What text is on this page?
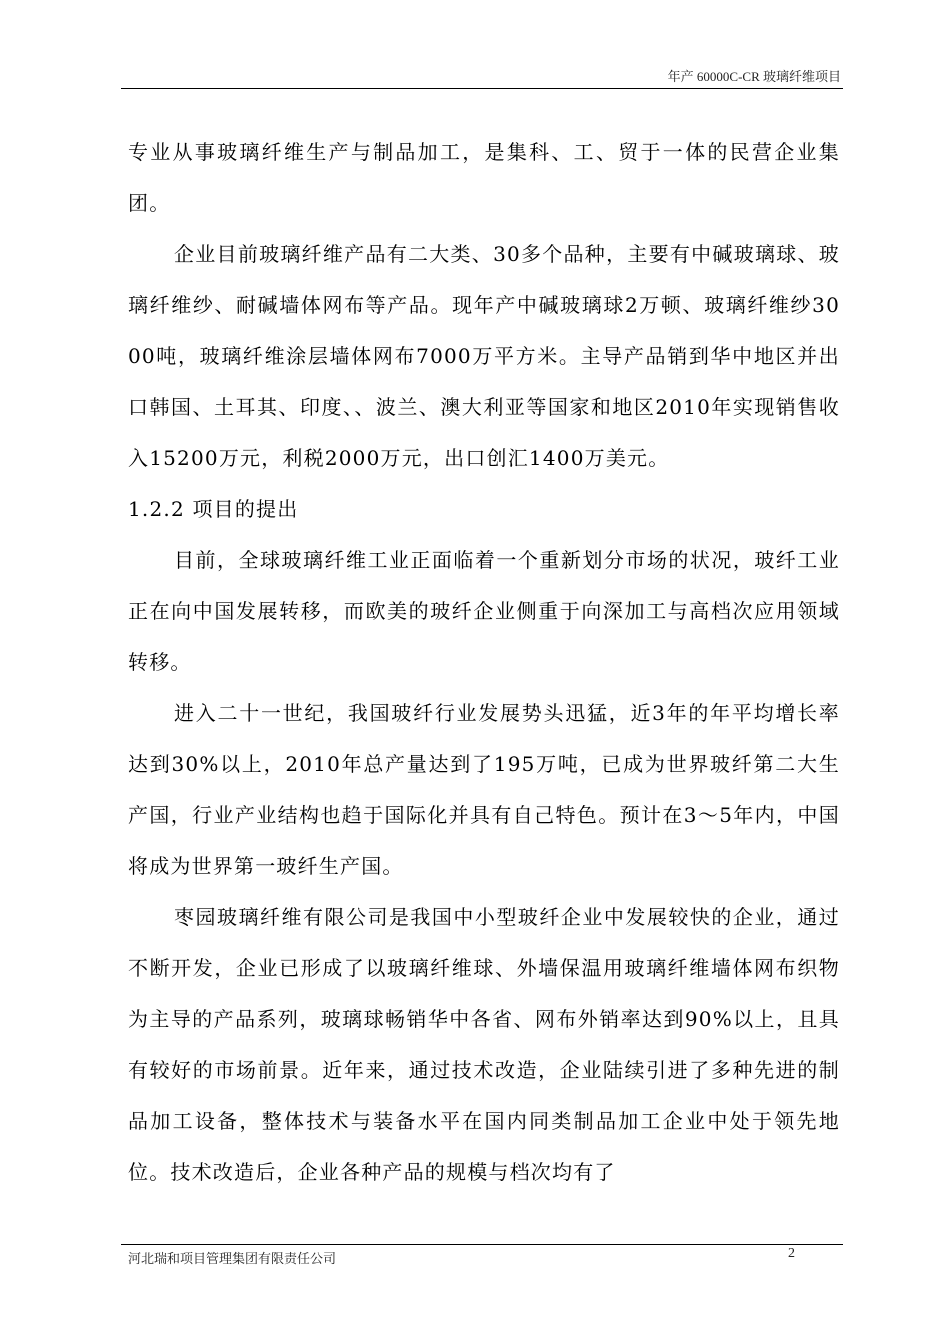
年产 60000C-CR 玻璃纤维项目

专业从事玻璃纤维生产与制品加工，是集科、工、贸于一体的民营企业集团。

企业目前玻璃纤维产品有二大类、30多个品种，主要有中碱玻璃球、玻璃纤维纱、耐碱墙体网布等产品。现年产中碱玻璃球2万顿、玻璃纤维纱3000吨，玻璃纤维涂层墙体网布7000万平方米。主导产品销到华中地区并出口韩国、土耳其、印度、、波兰、澳大利亚等国家和地区2010年实现销售收入15200万元，利税2000万元，出口创汇1400万美元。

1.2.2 项目的提出

目前，全球玻璃纤维工业正面临着一个重新划分市场的状况，玻纤工业正在向中国发展转移，而欧美的玻纤企业侧重于向深加工与高档次应用领域转移。

进入二十一世纪，我国玻纤行业发展势头迅猛，近3年的年平均增长率达到30%以上，2010年总产量达到了195万吨，已成为世界玻纤第二大生产国，行业产业结构也趋于国际化并具有自己特色。预计在3～5年内，中国将成为世界第一玻纤生产国。

枣园玻璃纤维有限公司是我国中小型玻纤企业中发展较快的企业，通过不断开发，企业已形成了以玻璃纤维球、外墙保温用玻璃纤维墙体网布织物为主导的产品系列，玻璃球畅销华中各省、网布外销率达到90%以上，且具有较好的市场前景。近年来，通过技术改造，企业陆续引进了多种先进的制品加工设备，整体技术与装备水平在国内同类制品加工企业中处于领先地位。技术改造后，企业各种产品的规模与档次均有了

河北瑞和项目管理集团有限责任公司	2
